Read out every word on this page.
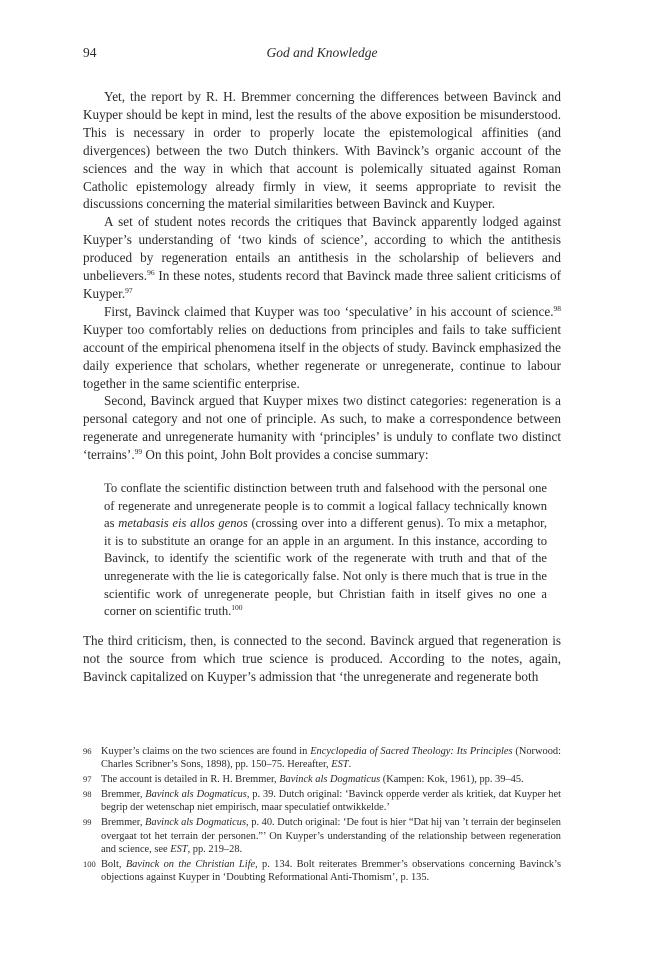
94	God and Knowledge

Yet, the report by R. H. Bremmer concerning the differences between Bavinck and Kuyper should be kept in mind, lest the results of the above exposition be misunderstood. This is necessary in order to properly locate the epistemological affinities (and divergences) between the two Dutch thinkers. With Bavinck’s organic account of the sciences and the way in which that account is polemically situated against Roman Catholic epistemology already firmly in view, it seems appropriate to revisit the discussions concerning the material similarities between Bavinck and Kuyper.

A set of student notes records the critiques that Bavinck apparently lodged against Kuyper’s understanding of ‘two kinds of science’, according to which the antithesis produced by regeneration entails an antithesis in the scholarship of believers and unbelievers.$^{96}$ In these notes, students record that Bavinck made three salient criticisms of Kuyper.$^{97}$

First, Bavinck claimed that Kuyper was too ‘speculative’ in his account of science.$^{98}$ Kuyper too comfortably relies on deductions from principles and fails to take sufficient account of the empirical phenomena itself in the objects of study. Bavinck emphasized the daily experience that scholars, whether regenerate or unregenerate, continue to labour together in the same scientific enterprise.

Second, Bavinck argued that Kuyper mixes two distinct categories: regeneration is a personal category and not one of principle. As such, to make a correspondence between regenerate and unregenerate humanity with ‘principles’ is unduly to conflate two distinct ‘terrains’.$^{99}$ On this point, John Bolt provides a concise summary:

To conflate the scientific distinction between truth and falsehood with the personal one of regenerate and unregenerate people is to commit a logical fallacy technically known as metabasis eis allos genos (crossing over into a different genus). To mix a metaphor, it is to substitute an orange for an apple in an argument. In this instance, according to Bavinck, to identify the scientific work of the regenerate with truth and that of the unregenerate with the lie is categorically false. Not only is there much that is true in the scientific work of unregenerate people, but Christian faith in itself gives no one a corner on scientific truth.$^{100}$

The third criticism, then, is connected to the second. Bavinck argued that regeneration is not the source from which true science is produced. According to the notes, again, Bavinck capitalized on Kuyper’s admission that ‘the unregenerate and regenerate both

96 Kuyper’s claims on the two sciences are found in Encyclopedia of Sacred Theology: Its Principles (Norwood: Charles Scribner’s Sons, 1898), pp. 150–75. Hereafter, EST.
97 The account is detailed in R. H. Bremmer, Bavinck als Dogmaticus (Kampen: Kok, 1961), pp. 39–45.
98 Bremmer, Bavinck als Dogmaticus, p. 39. Dutch original: ‘Bavinck opperde verder als kritiek, dat Kuyper het begrip der wetenschap niet empirisch, maar speculatief ontwikkelde.’
99 Bremmer, Bavinck als Dogmaticus, p. 40. Dutch original: ‘De fout is hier “Dat hij van ’t terrain der beginselen overgaat tot het terrain der personen.”’ On Kuyper’s understanding of the relationship between regeneration and science, see EST, pp. 219–28.
100 Bolt, Bavinck on the Christian Life, p. 134. Bolt reiterates Bremmer’s observations concerning Bavinck’s objections against Kuyper in ‘Doubting Reformational Anti-Thomism’, p. 135.
